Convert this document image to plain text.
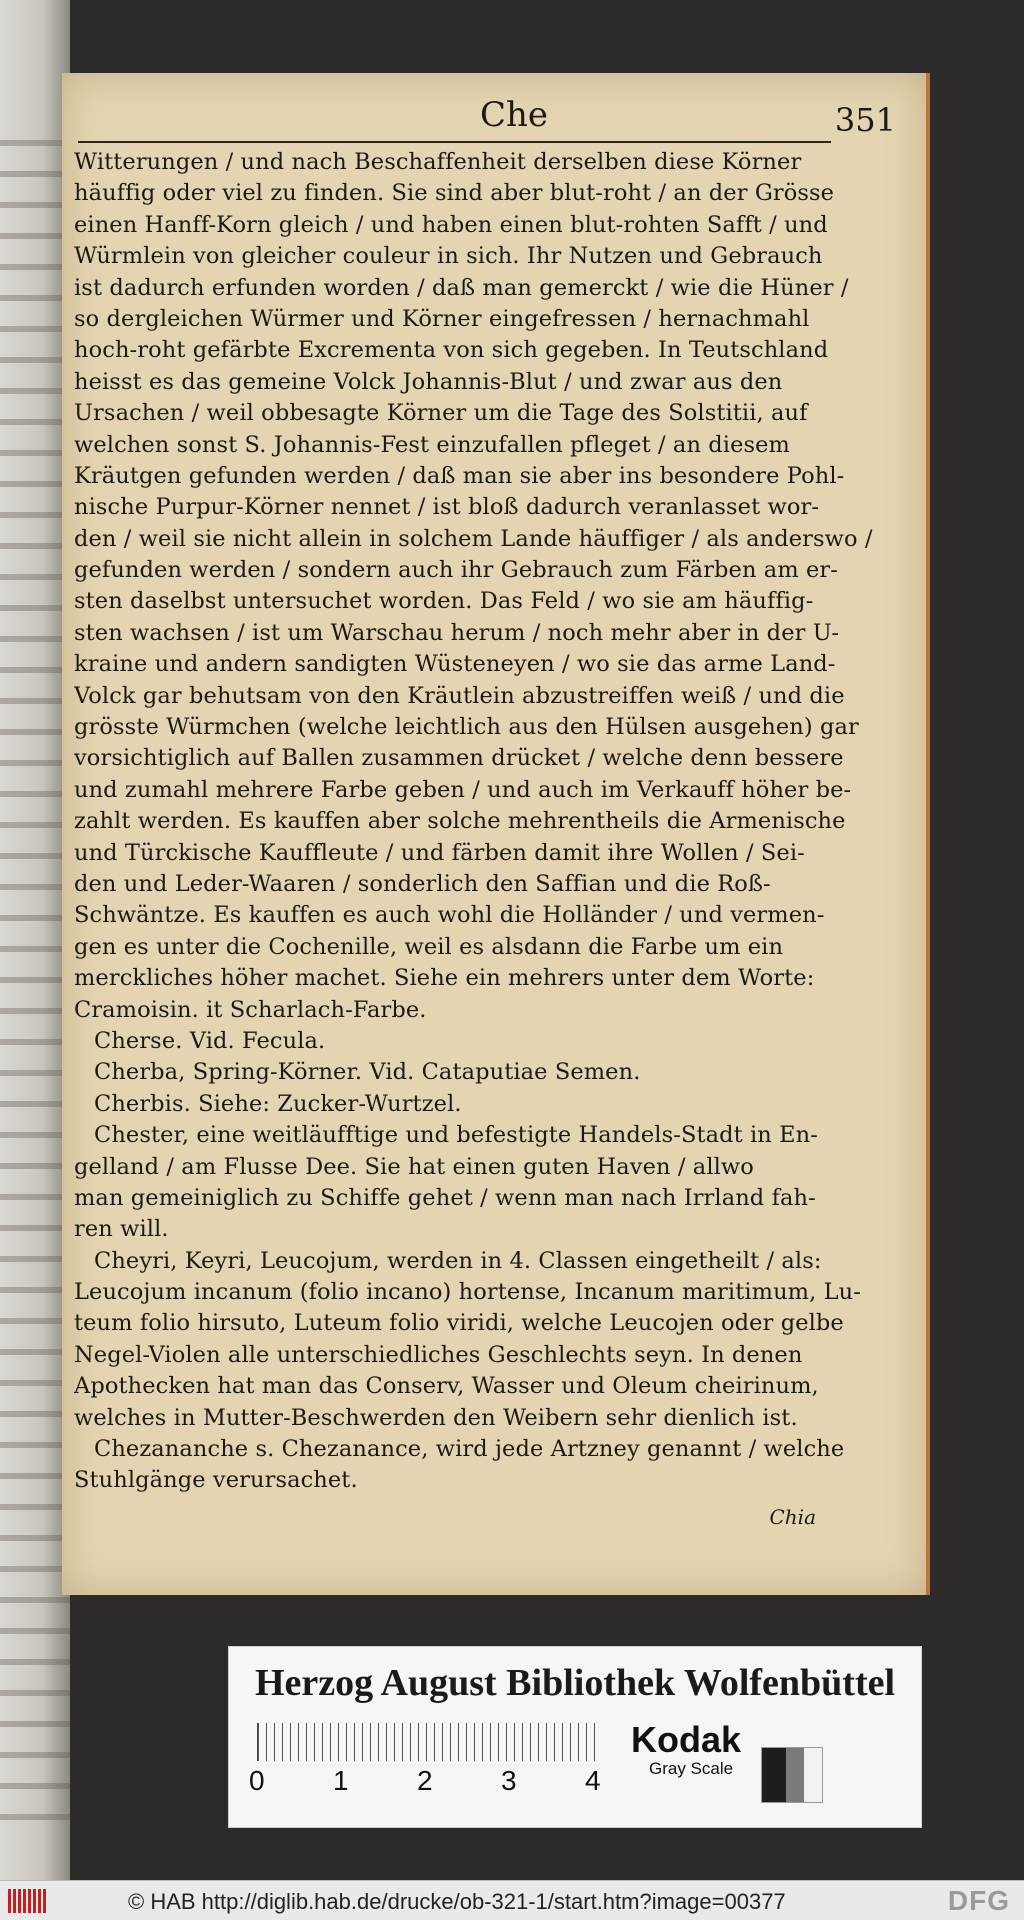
Che	351
Witterungen / und nach Beschaffenheit derselben diese Körner
häuffig oder viel zu finden. Sie sind aber blut-roht / an der Grösse
einen Hanff-Korn gleich / und haben einen blut-rohten Safft / und
Würmlein von gleicher couleur in sich. Ihr Nutzen und Gebrauch
ist dadurch erfunden worden / daß man gemerckt / wie die Hüner /
so dergleichen Würmer und Körner eingefressen / hernachmahl
hoch-roht gefärbte Excrementa von sich gegeben. In Teutschland
heisst es das gemeine Volck Johannis-Blut / und zwar aus den
Ursachen / weil obbesagte Körner um die Tage des Solstitii, auf
welchen sonst S. Johannis-Fest einzufallen pfleget / an diesem
Kräutgen gefunden werden / daß man sie aber ins besondere Pohl-
nische Purpur-Körner nennet / ist bloß dadurch veranlasset wor-
den / weil sie nicht allein in solchem Lande häuffiger / als anderswo /
gefunden werden / sondern auch ihr Gebrauch zum Färben am er-
sten daselbst untersuchet worden. Das Feld / wo sie am häuffig-
sten wachsen / ist um Warschau herum / noch mehr aber in der U-
kraine und andern sandigten Wüsteneyen / wo sie das arme Land-
Volck gar behutsam von den Kräutlein abzustreiffen weiß / und die
grösste Würmchen (welche leichtlich aus den Hülsen ausgehen) gar
vorsichtiglich auf Ballen zusammen drücket / welche denn bessere
und zumahl mehrere Farbe geben / und auch im Verkauff höher be-
zahlt werden. Es kauffen aber solche mehrentheils die Armenische
und Türckische Kauffleute / und färben damit ihre Wollen / Sei-
den und Leder-Waaren / sonderlich den Saffian und die Roß-
Schwäntze. Es kauffen es auch wohl die Holländer / und vermen-
gen es unter die Cochenille, weil es alsdann die Farbe um ein
merckliches höher machet. Siehe ein mehrers unter dem Worte:
Cramoisin. it Scharlach-Farbe.
Cherse. Vid. Fecula.
Cherba, Spring-Körner. Vid. Cataputiae Semen.
Cherbis. Siehe: Zucker-Wurtzel.
Chester, eine weitläufftige und befestigte Handels-Stadt in En-
gelland / am Flusse Dee. Sie hat einen guten Haven / allwo
man gemeiniglich zu Schiffe gehet / wenn man nach Irrland fah-
ren will.
Cheyri, Keyri, Leucojum, werden in 4. Classen eingetheilt / als:
Leucojum incanum (folio incano) hortense, Incanum maritimum, Lu-
teum folio hirsuto, Luteum folio viridi, welche Leucojen oder gelbe
Negel-Violen alle unterschiedliches Geschlechts seyn. In denen
Apothecken hat man das Conserv, Wasser und Oleum cheirinum,
welches in Mutter-Beschwerden den Weibern sehr dienlich ist.
Chezananche s. Chezanance, wird jede Artzney genannt / welche
Stuhlgänge verursachet.
Chia
Herzog August Bibliothek Wolfenbüttel
0 1 2 3 4
Kodak
Gray Scale
© HAB http://diglib.hab.de/drucke/ob-321-1/start.htm?image=00377	DFG
